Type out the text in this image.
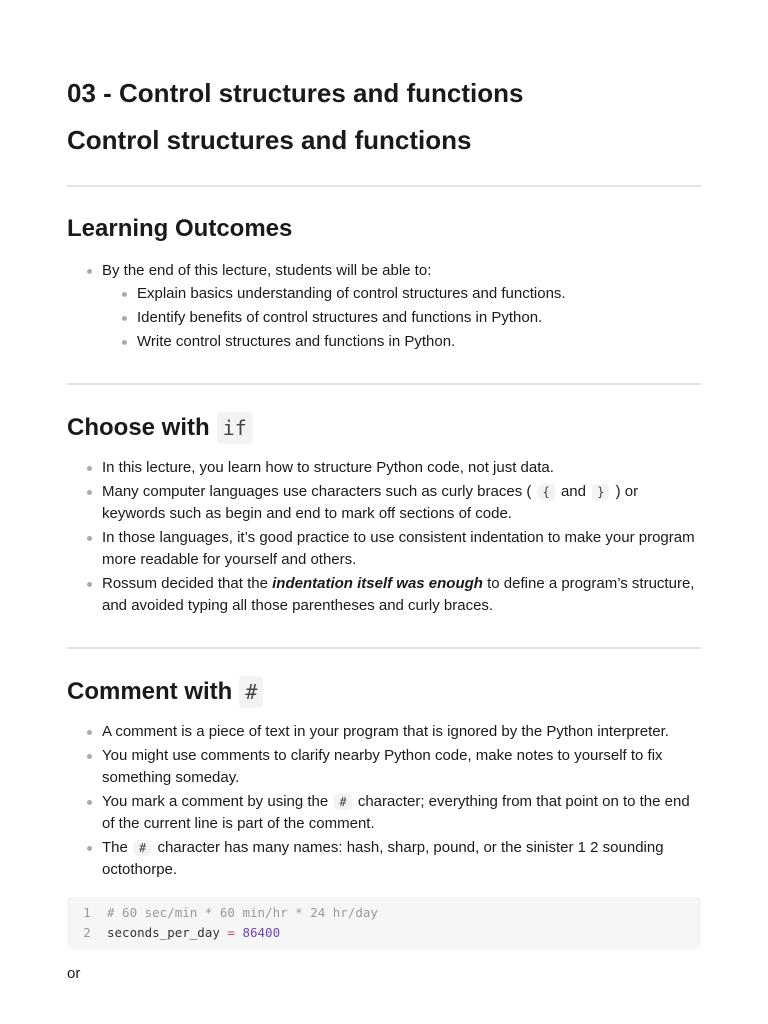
03 - Control structures and functions
Control structures and functions
Learning Outcomes
By the end of this lecture, students will be able to:
Explain basics understanding of control structures and functions.
Identify benefits of control structures and functions in Python.
Write control structures and functions in Python.
Choose with if
In this lecture, you learn how to structure Python code, not just data.
Many computer languages use characters such as curly braces ( { and } ) or keywords such as begin and end to mark off sections of code.
In those languages, it’s good practice to use consistent indentation to make your program more readable for yourself and others.
Rossum decided that the indentation itself was enough to define a program’s structure, and avoided typing all those parentheses and curly braces.
Comment with #
A comment is a piece of text in your program that is ignored by the Python interpreter.
You might use comments to clarify nearby Python code, make notes to yourself to fix something someday.
You mark a comment by using the # character; everything from that point on to the end of the current line is part of the comment.
The # character has many names: hash, sharp, pound, or the sinister 1 2 sounding octothorpe.
1	# 60 sec/min * 60 min/hr * 24 hr/day
2	seconds_per_day
=
86400
or
